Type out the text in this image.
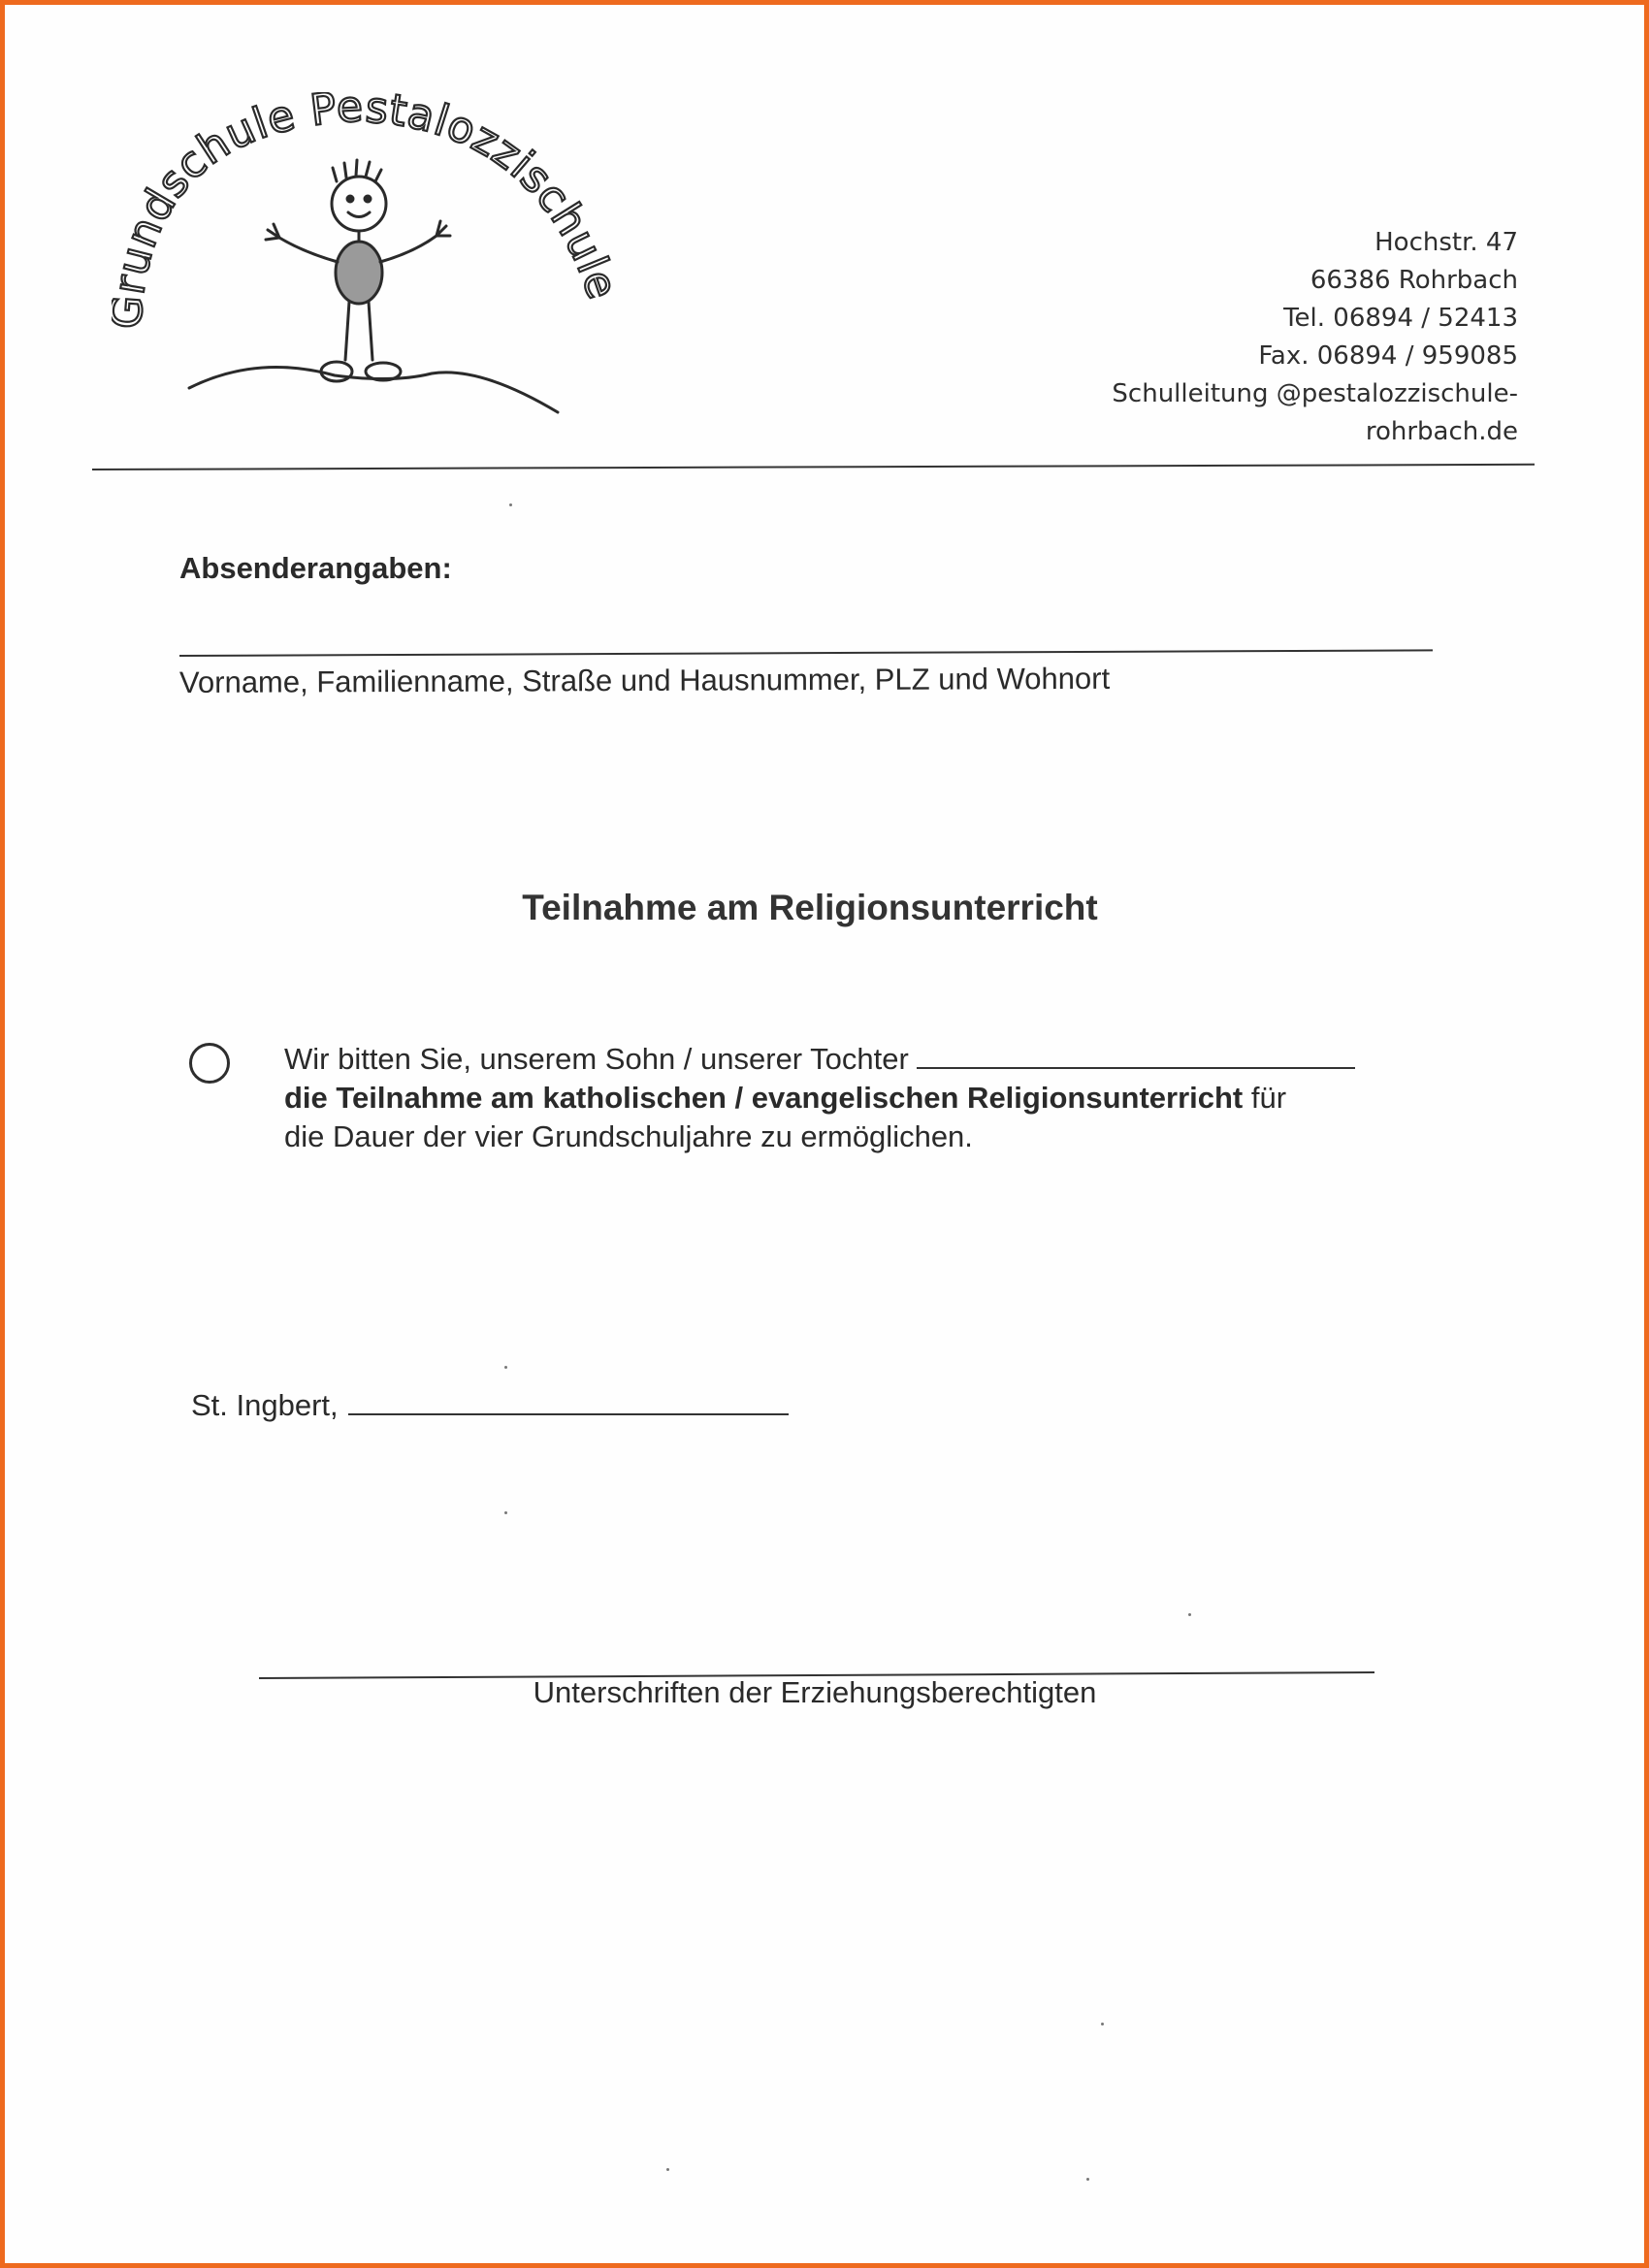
undschule Pestalozzischule
Hochstr. 47
66386 Rohrbach
Tel. 06894 / 52413
Fax. 06894 / 959085
Schulleitung @pestalozzischule-
rohrbach.de
Absenderangaben:
Vorname, Familienname, Straße und Hausnummer, PLZ und Wohnort
Teilnahme am Religionsunterricht
Wir bitten Sie, unserem Sohn / unserer Tochter
die Teilnahme am katholischen / evangelischen Religionsunterricht für
die Dauer der vier Grundschuljahre zu ermöglichen.
St. Ingbert,
Unterschriften der Erziehungsberechtigten
